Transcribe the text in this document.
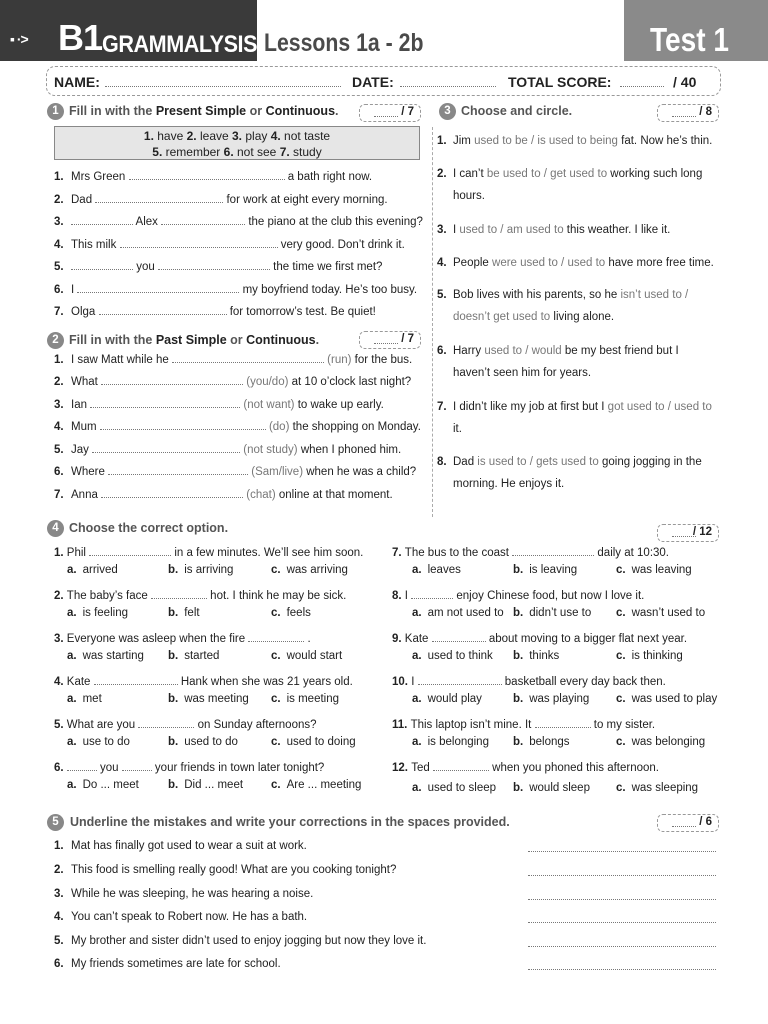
▪ ·> B1 GRAMMALYSIS Lessons 1a - 2b	Test 1
NAME:	DATE:	TOTAL SCORE:	/ 40
1 Fill in with the Present Simple or Continuous.	/ 7
1. have 2. leave 3. play 4. not taste
5. remember 6. not see 7. study
1. Mrs Green	a bath right now.
2. Dad	for work at eight every morning.
3.	Alex	the piano at the club this evening?
4. This milk	very good. Don’t drink it.
5.	you	the time we first met?
6. I	my boyfriend today. He’s too busy.
7. Olga	for tomorrow’s test. Be quiet!
2 Fill in with the Past Simple or Continuous.	/ 7
1. I saw Matt while he	(run) for the bus.
2. What	(you/do) at 10 o’clock last night?
3. Ian	(not want) to wake up early.
4. Mum	(do) the shopping on Monday.
5. Jay	(not study) when I phoned him.
6. Where	(Sam/live) when he was a child?
7. Anna	(chat) online at that moment.
3 Choose and circle.	/ 8
1. Jim used to be / is used to being fat. Now he’s thin.
2. I can’t be used to / get used to working such long
hours.
3. I used to / am used to this weather. I like it.
4. People were used to / used to have more free time.
5. Bob lives with his parents, so he isn’t used to /
doesn’t get used to living alone.
6. Harry used to / would be my best friend but I
haven’t seen him for years.
7. I didn’t like my job at first but I got used to / used to
it.
8. Dad is used to / gets used to going jogging in the
morning. He enjoys it.
4 Choose the correct option.	/ 12
1. Phil	in a few minutes. We’ll see him soon.
a. arrived	b. is arriving	c. was arriving
2. The baby’s face	hot. I think he may be sick.
a. is feeling	b. felt	c. feels
3. Everyone was asleep when the fire	.
a. was starting b. started	c. would start
4. Kate	Hank when she was 21 years old.
a. met	b. was meeting c. is meeting
5. What are you	on Sunday afternoons?
a. use to do	b. used to do	c. used to doing
6.	you	your friends in town later tonight?
a. Do ... meet	b. Did ... meet c. Are ... meeting
7. The bus to the coast	daily at 10:30.
a. leaves	b. is leaving	c. was leaving
8. I	enjoy Chinese food, but now I love it.
a. am not used to b. didn’t use to c. wasn’t used to
9. Kate	about moving to a bigger flat next year.
a. used to think b. thinks	c. is thinking
10. I	basketball every day back then.
a. would play	b. was playing c. was used to play
11. This laptop isn’t mine. It	to my sister.
a. is belonging b. belongs	c. was belonging
12. Ted	when you phoned this afternoon.
a. used to sleep b. would sleep c. was sleeping
5 Underline the mistakes and write your corrections in the spaces provided.	/ 6
1. Mat has finally got used to wear a suit at work.
2. This food is smelling really good! What are you cooking tonight?
3. While he was sleeping, he was hearing a noise.
4. You can’t speak to Robert now. He has a bath.
5. My brother and sister didn’t used to enjoy jogging but now they love it.
6. My friends sometimes are late for school.
